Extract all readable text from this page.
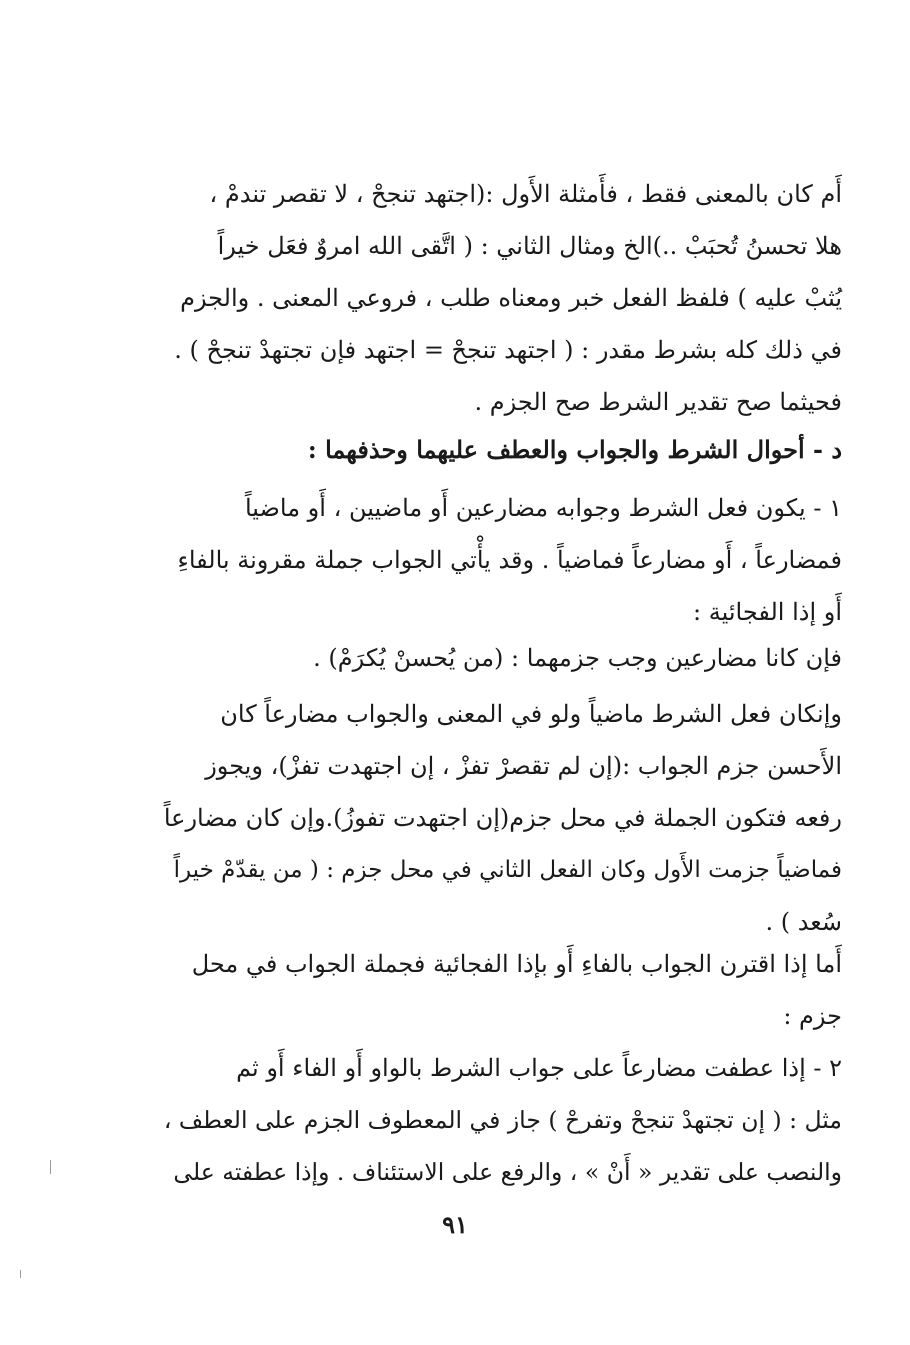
أَم كان بالمعنى فقط ، فأَمثلة الأَول :(اجتهد تنجحْ ، لا تقصر تندمْ ،
هلا تحسنُ تُحبَبْ ..)الخ ومثال الثاني : ( اتَّقى الله امروٌ فعَل خيراً
يُثبْ عليه ) فلفظ الفعل خبر ومعناه طلب ، فروعي المعنى . والجزم
في ذلك كله بشرط مقدر : ( اجتهد تنجحْ = اجتهد فإن تجتهدْ تنجحْ ) .
فحيثما صح تقدير الشرط صح الجزم .
د - أحوال الشرط والجواب والعطف عليهما وحذفهما :
١ - يكون فعل الشرط وجوابه مضارعين أَو ماضيين ، أَو ماضياً
فمضارعاً ، أَو مضارعاً فماضياً . وقد يأْتي الجواب جملة مقرونة بالفاءِ
أَو إذا الفجائية :
فإن كانا مضارعين وجب جزمهما : (من يُحسنْ يُكرَمْ) .
وإنكان فعل الشرط ماضياً ولو في المعنى والجواب مضارعاً كان
الأَحسن جزم الجواب :(إن لم تقصرْ تفزْ ، إن اجتهدت تفزْ)، ويجوز
رفعه فتكون الجملة في محل جزم(إن اجتهدت تفوزُ).وإن كان مضارعاً
فماضياً جزمت الأَول وكان الفعل الثاني في محل جزم : ( من يقدّمْ خيراً
سُعد ) .
أَما إذا اقترن الجواب بالفاءِ أَو بإذا الفجائية فجملة الجواب في محل
جزم :
٢ - إذا عطفت مضارعاً على جواب الشرط بالواو أَو الفاء أَو ثم
مثل : ( إن تجتهدْ تنجحْ وتفرحْ ) جاز في المعطوف الجزم على العطف ،
والنصب على تقدير « أَنْ » ، والرفع على الاستئناف . وإذا عطفته على
٩١
